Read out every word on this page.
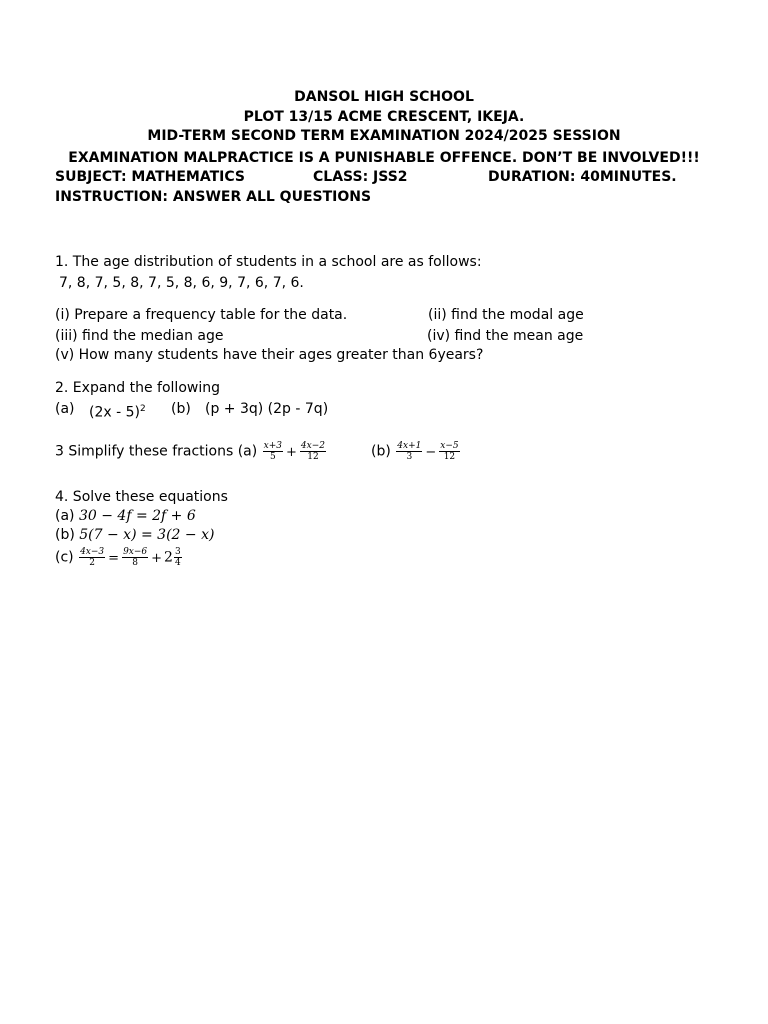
DANSOL HIGH SCHOOL
PLOT 13/15 ACME CRESCENT, IKEJA.
MID-TERM SECOND TERM EXAMINATION 2024/2025 SESSION
EXAMINATION MALPRACTICE IS A PUNISHABLE OFFENCE. DON’T BE INVOLVED!!!
SUBJECT: MATHEMATICS	CLASS: JSS2	DURATION: 40MINUTES.
INSTRUCTION: ANSWER ALL QUESTIONS
1. The age distribution of students in a school are as follows:
7, 8, 7, 5, 8, 7, 5, 8, 6, 9, 7, 6, 7, 6.
(i) Prepare a frequency table for the data.	(ii) find the modal age
(iii) find the median age	(iv) find the mean age
(v) How many students have their ages greater than 6years?
2. Expand the following
(a) (2x - 5)$^2$ (b) (p + 3q) (2p - 7q)
3 Simplify these fractions $(a) \frac{x+3}{5} + \frac{4x-2}{12}$	$(b) \frac{4x+1}{3} - \frac{x-5}{12}$
4. Solve these equations
(a) 30 − 4f = 2f + 6
(b) 5(7 − x) = 3(2 − x)
$(c) \frac{4x-3}{2} = \frac{9x-6}{8} + 2 \frac{3}{4}$
